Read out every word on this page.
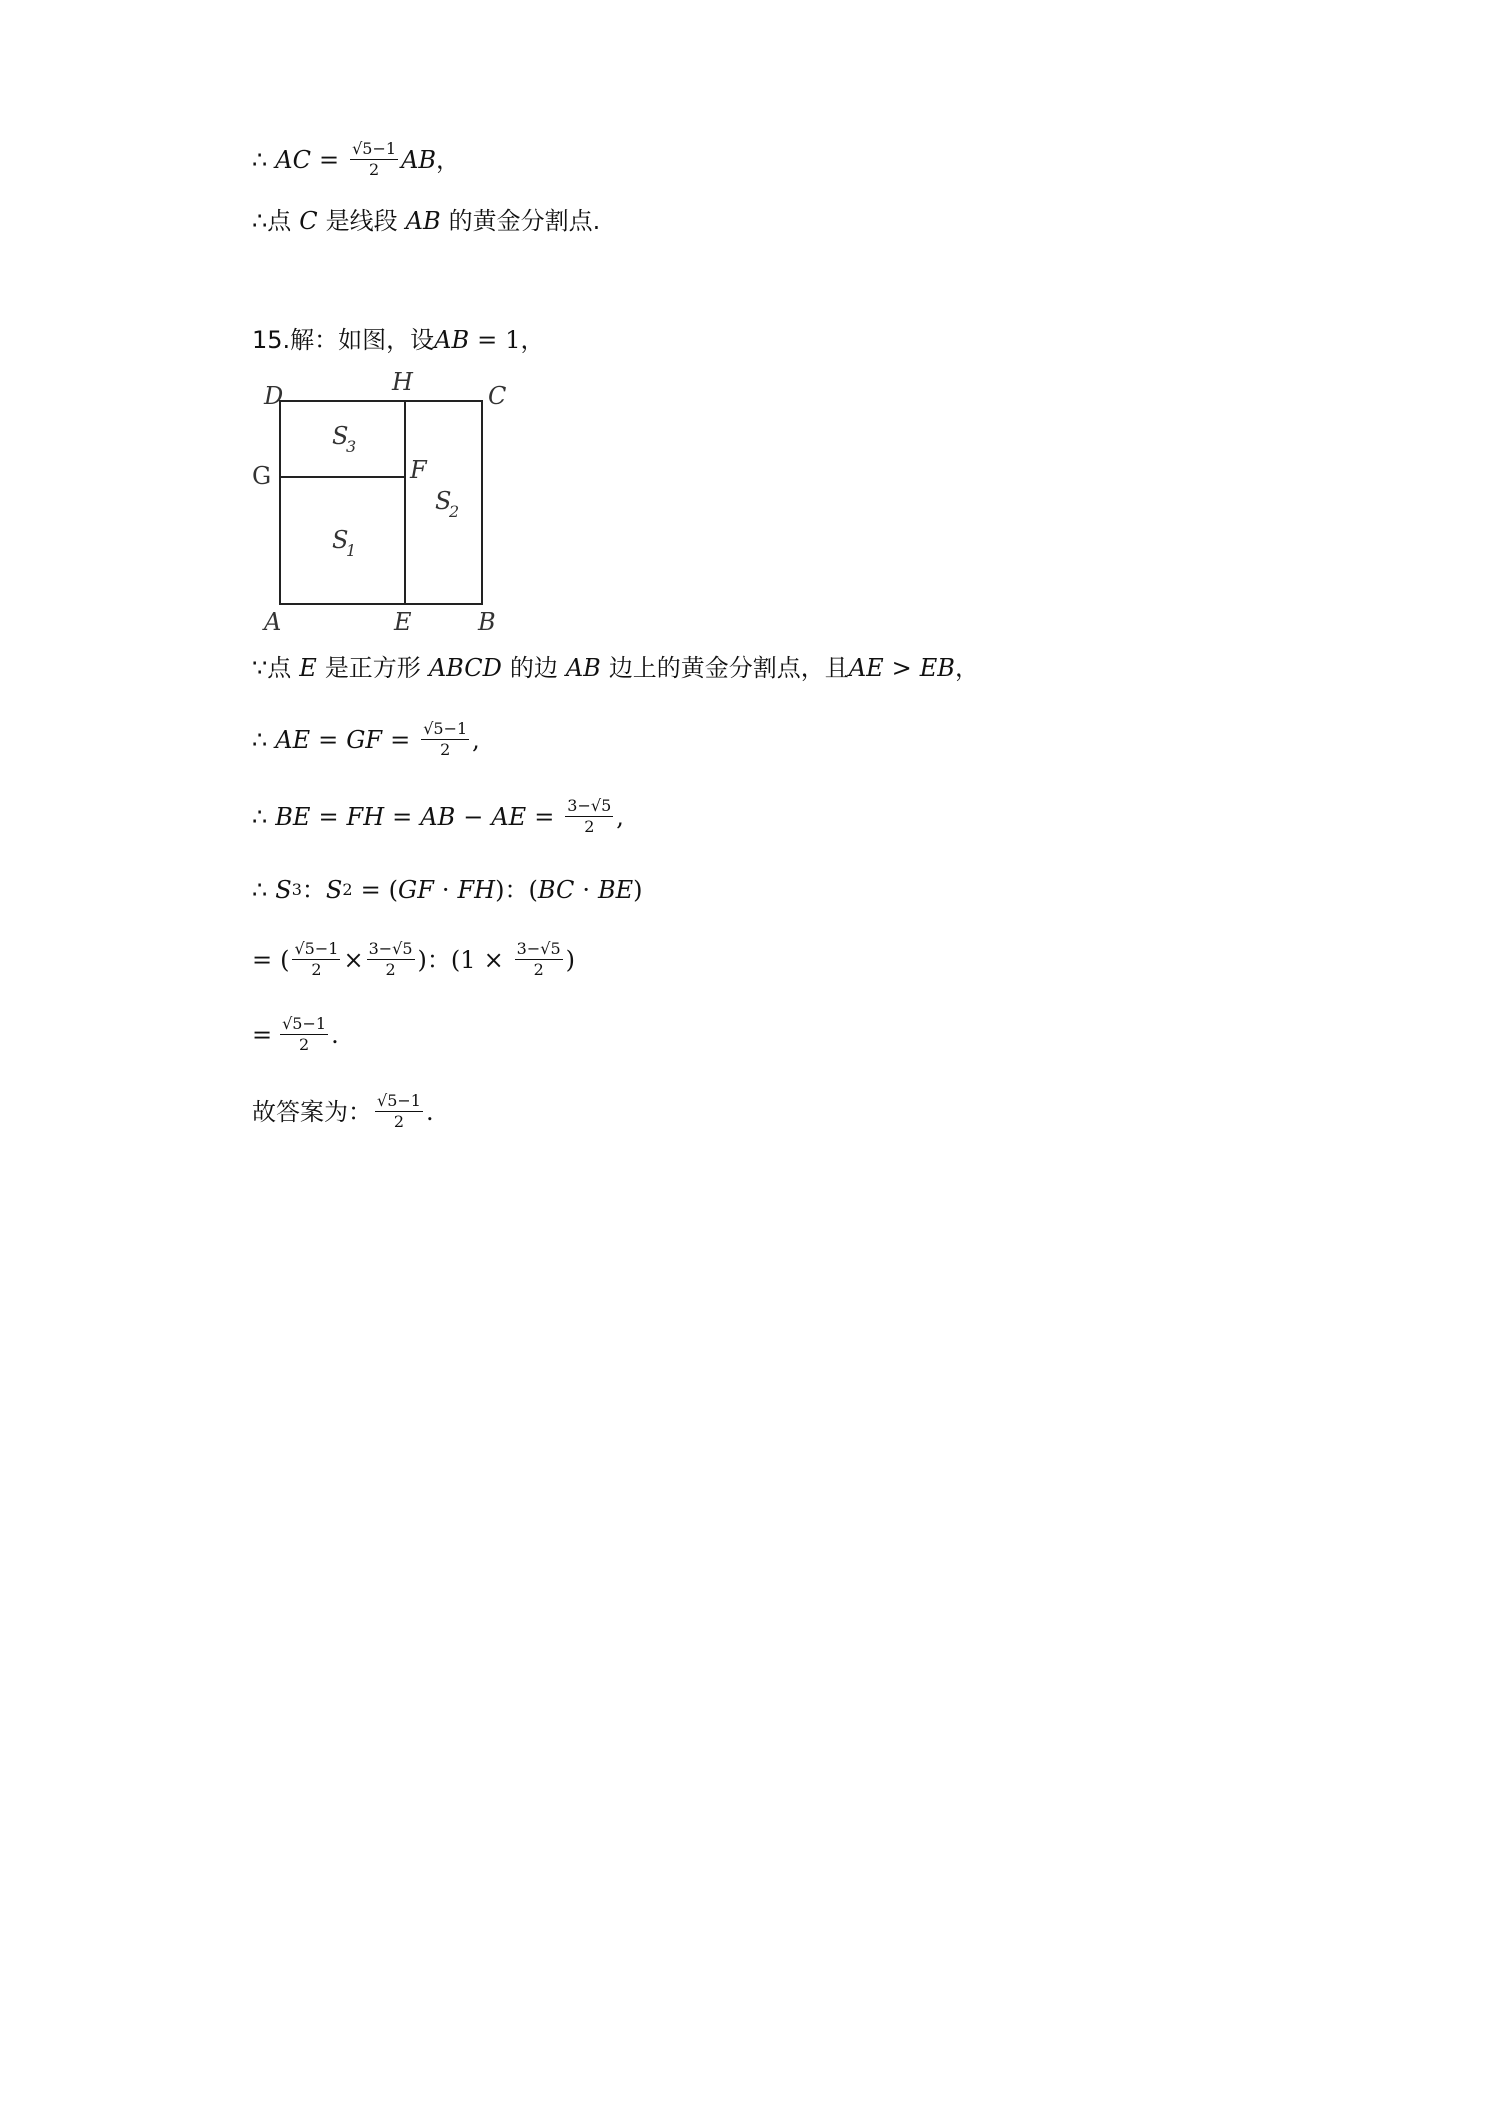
∴ AC = $\frac{√5-1}{2}$ AB ，
∴点 C 是线段 AB 的黄金分割点.
15.解：如图，设 AB = 1 ，
D	H	C
G	F
A	E	B
S
3
S
1
S
2
∵点 E 是正方形 ABCD 的边 AB 边上的黄金分割点，且 AE > EB ，
∴ AE = GF = $\frac{√5-1}{2}$ ,
∴ BE = FH = AB − AE = $\frac{3-√5}{2}$ ,
∴ S 3 ： S 2 = ( GF · FH ) ： ( BC · BE )
= ( $\frac{√5-1}{2} \times \frac{3-√5}{2}$ ) ： ( $1 \times \frac{3-√5}{2}$ )
= $\frac{√5-1}{2}$ .
故答案为： $\frac{√5-1}{2}$ .
